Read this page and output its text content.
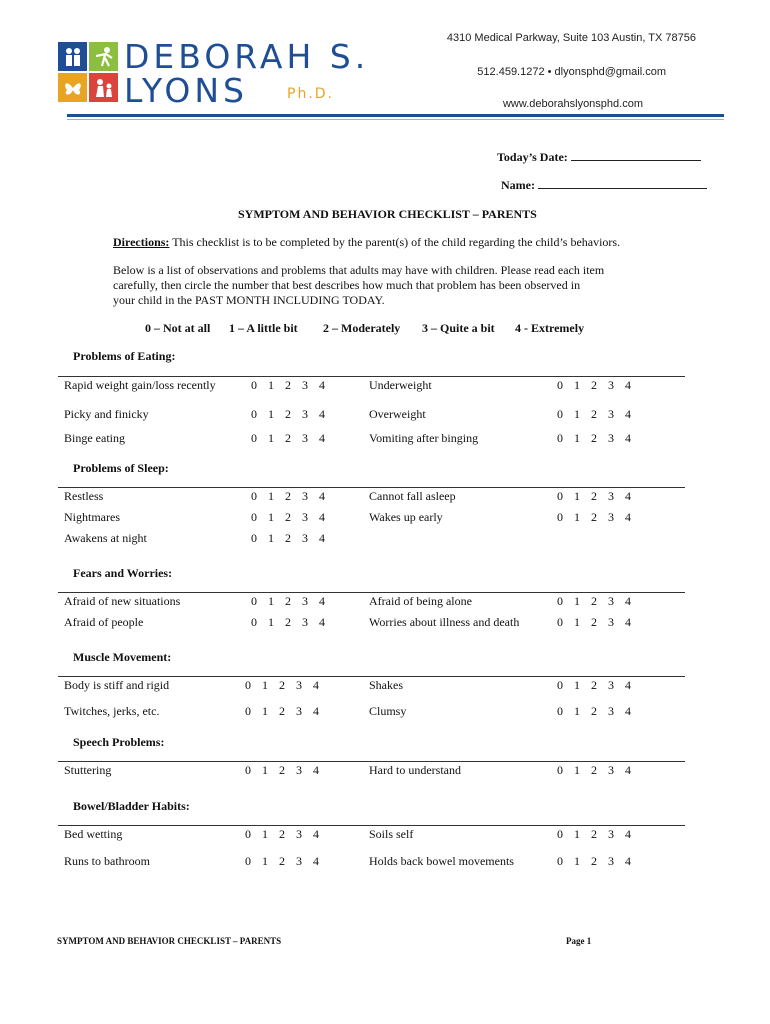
DEBORAH S.
LYONS	Ph.D.
4310 Medical Parkway, Suite 103 Austin, TX 78756
512.459.1272 • dlyonsphd@gmail.com
www.deborahslyonsphd.com
Today’s Date:
Name:
SYMPTOM AND BEHAVIOR CHECKLIST – PARENTS
Directions: This checklist is to be completed by the parent(s) of the child regarding the child’s behaviors.
Below is a list of observations and problems that adults may have with children. Please read each item
carefully, then circle the number that best describes how much that problem has been observed in
your child in the PAST MONTH INCLUDING TODAY.
0 – Not at all 1 – A little bit 2 – Moderately 3 – Quite a bit 4 - Extremely
Problems of Eating:
Rapid weight gain/loss recently	0 1 2 3 4	Underweight	0 1 2 3 4
Picky and finicky	0 1 2 3 4	Overweight	0 1 2 3 4
Binge eating	0 1 2 3 4	Vomiting after binging	0 1 2 3 4
Problems of Sleep:
Restless	0 1 2 3 4	Cannot fall asleep	0 1 2 3 4
Nightmares	0 1 2 3 4	Wakes up early	0 1 2 3 4
Awakens at night	0 1 2 3 4
Fears and Worries:
Afraid of new situations	0 1 2 3 4	Afraid of being alone	0 1 2 3 4
Afraid of people	0 1 2 3 4	Worries about illness and death	0 1 2 3 4
Muscle Movement:
Body is stiff and rigid	0 1 2 3 4	Shakes	0 1 2 3 4
Twitches, jerks, etc.	0 1 2 3 4	Clumsy	0 1 2 3 4
Speech Problems:
Stuttering	0 1 2 3 4	Hard to understand	0 1 2 3 4
Bowel/Bladder Habits:
Bed wetting	0 1 2 3 4	Soils self	0 1 2 3 4
Runs to bathroom	0 1 2 3 4	Holds back bowel movements	0 1 2 3 4
SYMPTOM AND BEHAVIOR CHECKLIST – PARENTS	Page 1
